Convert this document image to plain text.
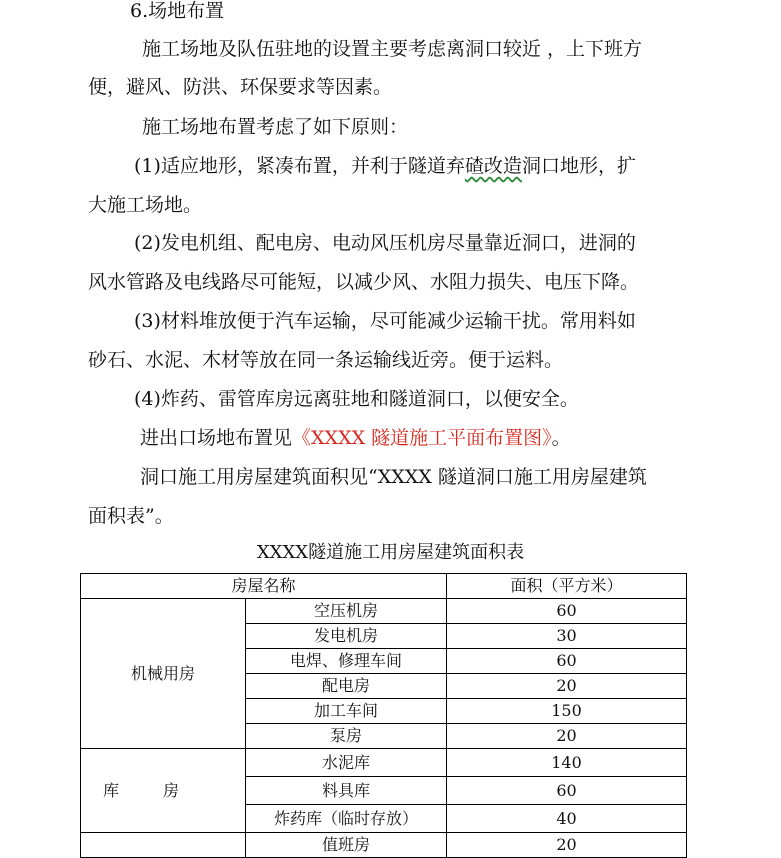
6.场地布置
施工场地及队伍驻地的设置主要考虑离洞口较近 ，上下班方
便，避风、防洪、环保要求等因素。
施工场地布置考虑了如下原则：
(1)适应地形，紧凑布置，并利于隧道弃碴改造洞口地形，扩
大施工场地。
(2)发电机组、配电房、电动风压机房尽量靠近洞口，进洞的
风水管路及电线路尽可能短，以减少风、水阻力损失、电压下降。
(3)材料堆放便于汽车运输，尽可能减少运输干扰。常用料如
砂石、水泥、木材等放在同一条运输线近旁。便于运料。
(4)炸药、雷管库房远离驻地和隧道洞口，以便安全。
进出口场地布置见《XXXX 隧道施工平面布置图》。
洞口施工用房屋建筑面积见“XXXX 隧道洞口施工用房屋建筑
面积表”。
XXXX隧道施工用房屋建筑面积表
房屋名称		面积（平方米）
机械用房	空压机房	60
	发电机房	30
	电焊、修理车间	60
	配电房	20
	加工车间	150
	泵房	20
库房	水泥库	140
	料具库	60
	炸药库（临时存放）	40
	值班房	20
